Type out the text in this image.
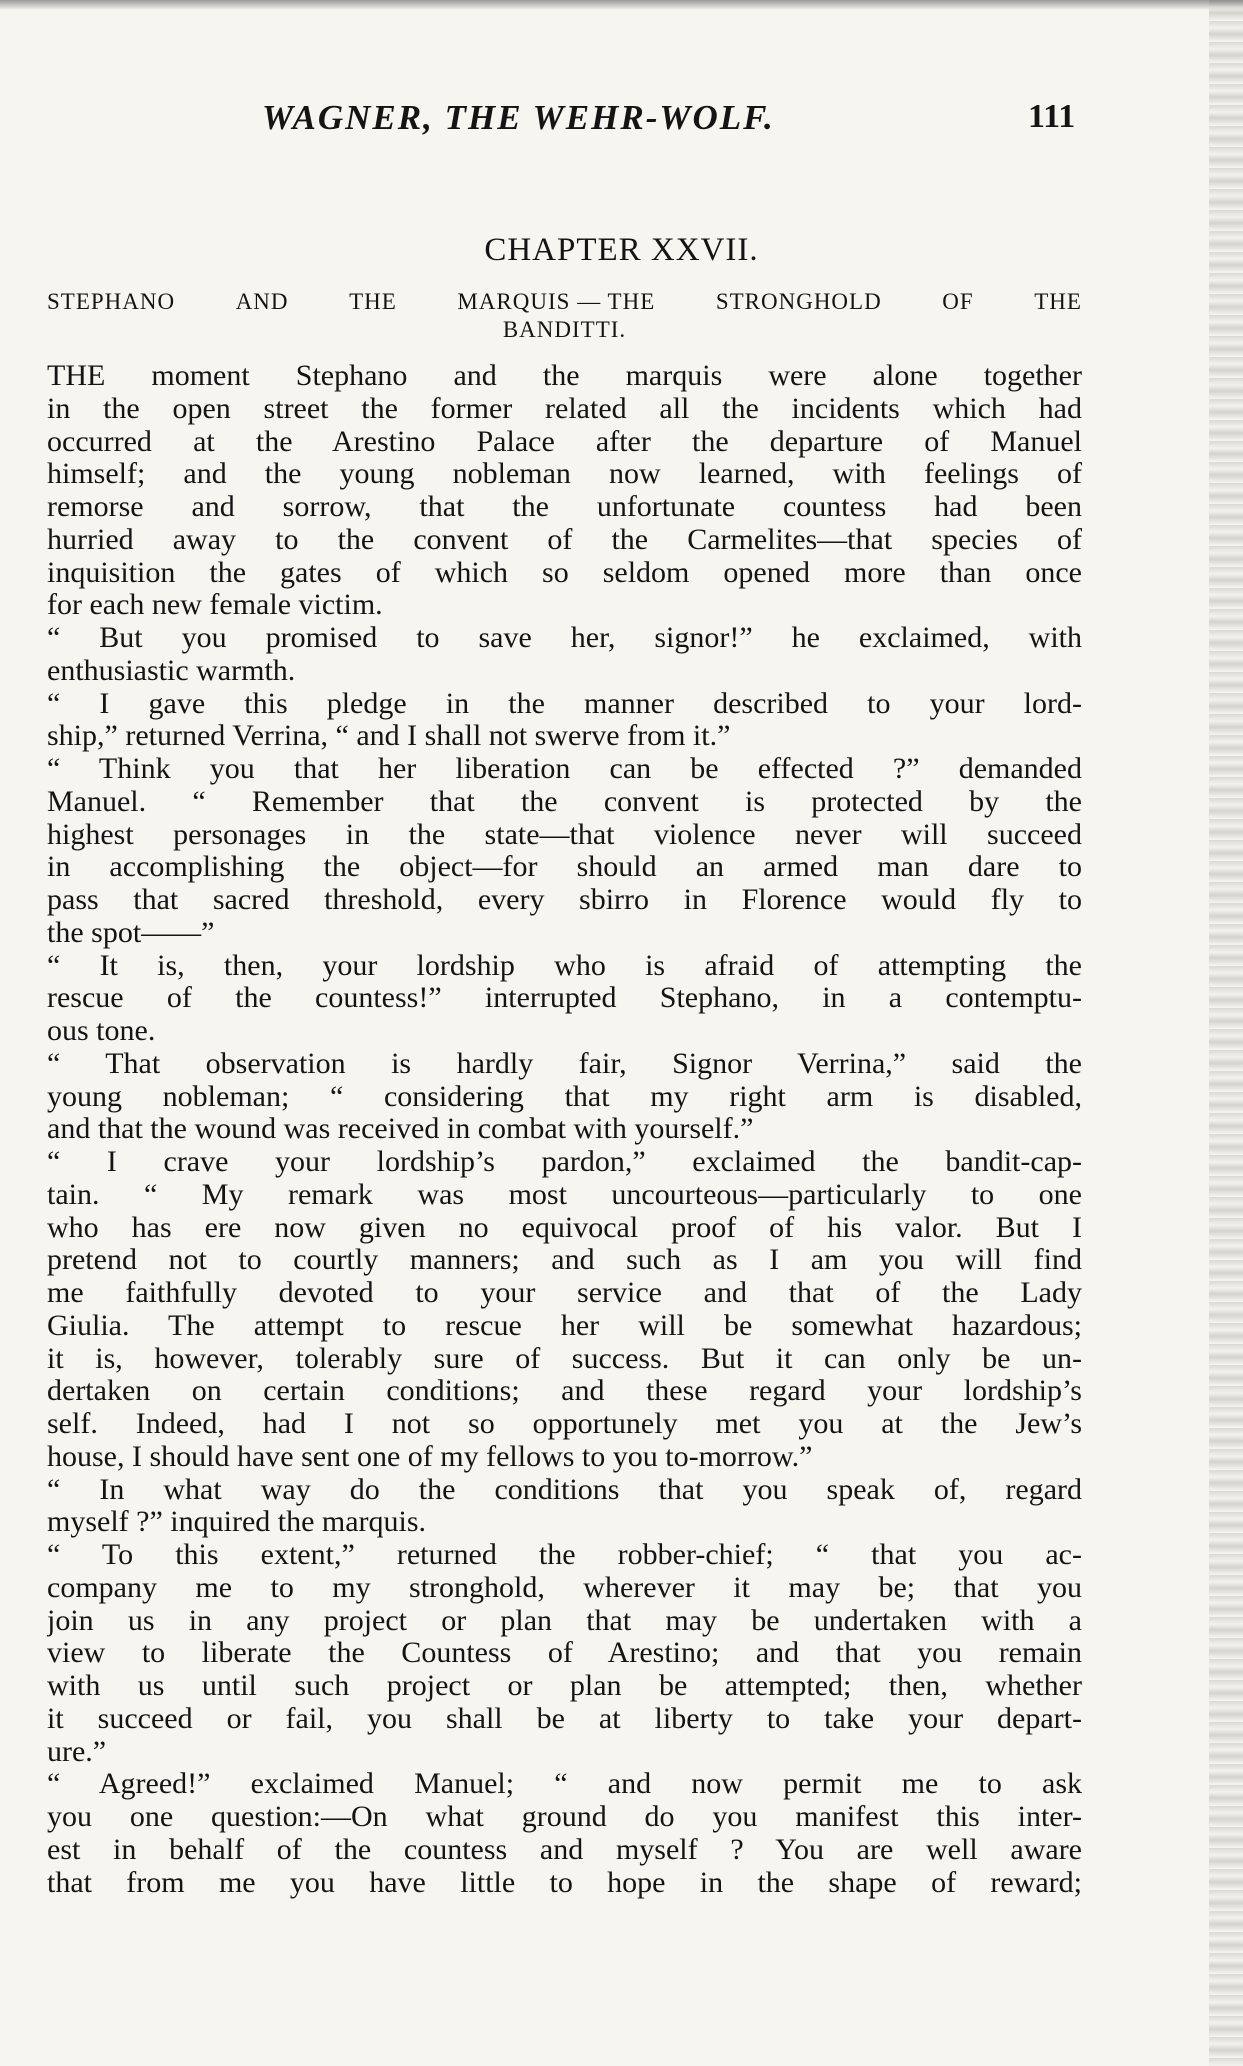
WAGNER, THE WEHR-WOLF.	111
CHAPTER XXVII.
STEPHANO	AND	THE	MARQUIS — THE	STRONGHOLD	OF	THE
BANDITTI.
THE moment Stephano and the marquis were alone together
in the open street the former related all the incidents which had
occurred at the Arestino Palace after the departure of Manuel
himself; and the young nobleman now learned, with feelings of
remorse and sorrow, that the unfortunate countess had been
hurried away to the convent of the Carmelites—that species of
inquisition the gates of which so seldom opened more than once
for each new female victim.
“ But you promised to save her, signor!” he exclaimed, with
enthusiastic warmth.
“ I gave this pledge in the manner described to your lord-
ship,” returned Verrina, “ and I shall not swerve from it.”
“ Think you that her liberation can be effected ?” demanded
Manuel. “ Remember that the convent is protected by the
highest personages in the state—that violence never will succeed
in accomplishing the object—for should an armed man dare to
pass that sacred threshold, every sbirro in Florence would fly to
the spot——”
“ It is, then, your lordship who is afraid of attempting the
rescue of the countess!” interrupted Stephano, in a contemptu-
ous tone.
“ That observation is hardly fair, Signor Verrina,” said the
young nobleman; “ considering that my right arm is disabled,
and that the wound was received in combat with yourself.”
“ I crave your lordship’s pardon,” exclaimed the bandit-cap-
tain. “ My remark was most uncourteous—particularly to one
who has ere now given no equivocal proof of his valor. But I
pretend not to courtly manners; and such as I am you will find
me faithfully devoted to your service and that of the Lady
Giulia. The attempt to rescue her will be somewhat hazardous;
it is, however, tolerably sure of success. But it can only be un-
dertaken on certain conditions; and these regard your lordship’s
self. Indeed, had I not so opportunely met you at the Jew’s
house, I should have sent one of my fellows to you to-morrow.”
“ In what way do the conditions that you speak of, regard
myself ?” inquired the marquis.
“ To this extent,” returned the robber-chief; “ that you ac-
company me to my stronghold, wherever it may be; that you
join us in any project or plan that may be undertaken with a
view to liberate the Countess of Arestino; and that you remain
with us until such project or plan be attempted; then, whether
it succeed or fail, you shall be at liberty to take your depart-
ure.”
“ Agreed!” exclaimed Manuel; “ and now permit me to ask
you one question:—On what ground do you manifest this inter-
est in behalf of the countess and myself ? You are well aware
that from me you have little to hope in the shape of reward;
